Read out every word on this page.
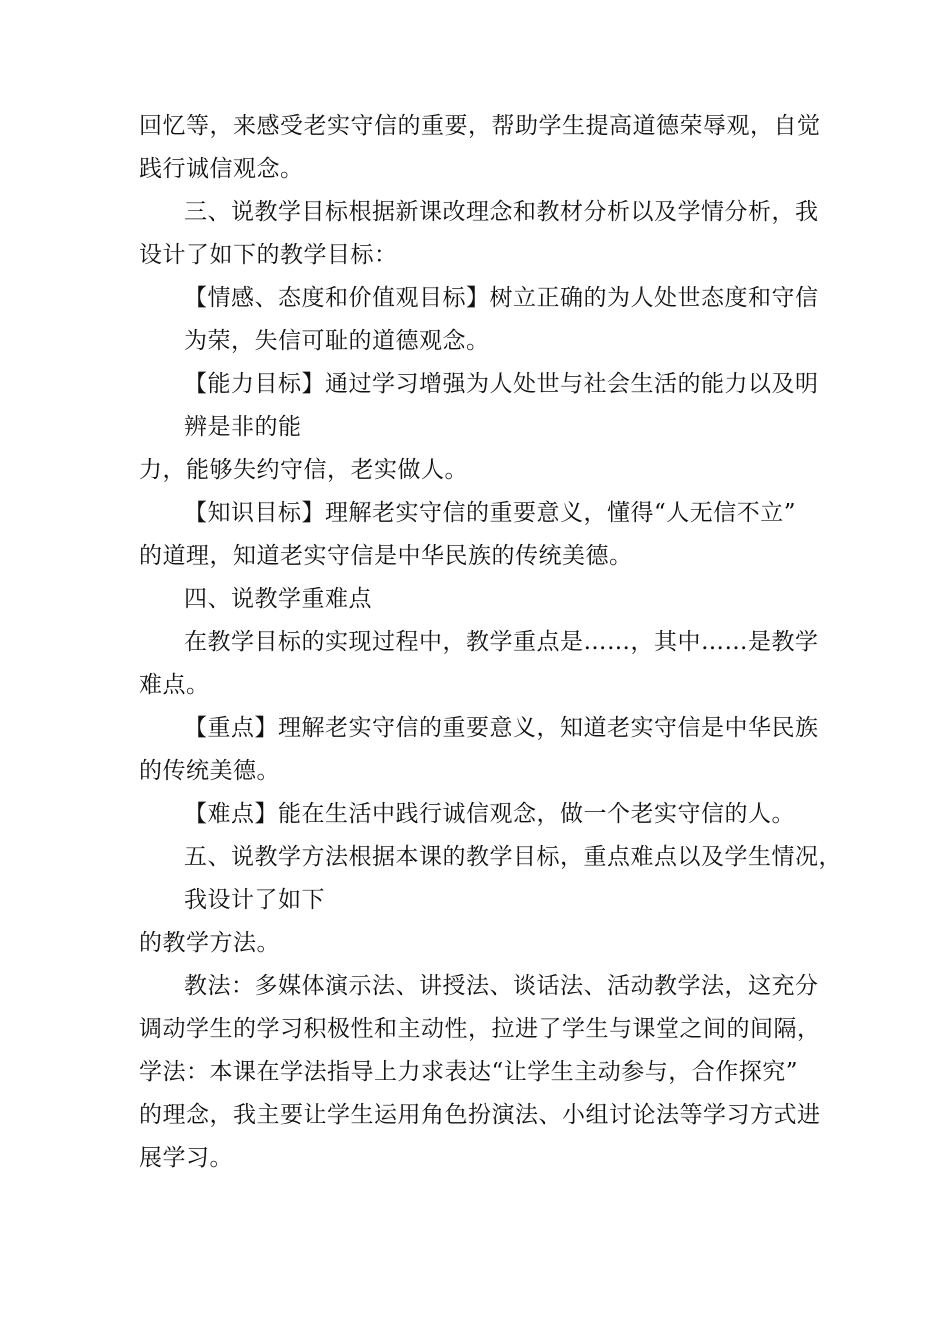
回忆等，来感受老实守信的重要，帮助学生提高道德荣辱观，自觉
践行诚信观念。
三、说教学目标根据新课改理念和教材分析以及学情分析，我
设计了如下的教学目标：
【情感、态度和价值观目标】树立正确的为人处世态度和守信
为荣，失信可耻的道德观念。
【能力目标】通过学习增强为人处世与社会生活的能力以及明
辨是非的能
力，能够失约守信，老实做人。
【知识目标】理解老实守信的重要意义，懂得“人无信不立”
的道理，知道老实守信是中华民族的传统美德。
四、说教学重难点
在教学目标的实现过程中，教学重点是……，其中……是教学
难点。
【重点】理解老实守信的重要意义，知道老实守信是中华民族
的传统美德。
【难点】能在生活中践行诚信观念，做一个老实守信的人。
五、说教学方法根据本课的教学目标，重点难点以及学生情况，
我设计了如下
的教学方法。
教法：多媒体演示法、讲授法、谈话法、活动教学法，这充分
调动学生的学习积极性和主动性，拉进了学生与课堂之间的间隔，
学法：本课在学法指导上力求表达“让学生主动参与，合作探究”
的理念，我主要让学生运用角色扮演法、小组讨论法等学习方式进
展学习。
